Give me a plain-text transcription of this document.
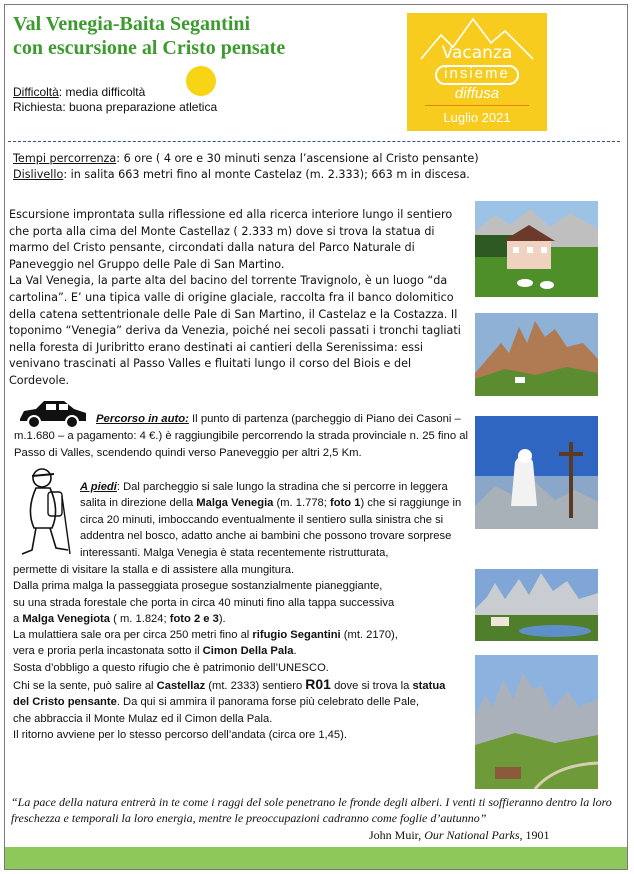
Val Venegia-Baita Segantini
con escursione al Cristo pensate
Difficoltà: media difficoltà
Richiesta: buona preparazione atletica
Vacanza
insieme
diffusa
Luglio 2021
Tempi percorrenza: 6 ore ( 4 ore e 30 minuti senza l’ascensione al Cristo pensante)
Dislivello: in salita 663 metri fino al monte Castelaz (m. 2.333); 663 m in discesa.

Escursione improntata sulla riflessione ed alla ricerca interiore lungo il sentiero che porta alla cima del Monte Castellaz ( 2.333 m) dove si trova la statua di marmo del Cristo pensante, circondati dalla natura del Parco Naturale di Paneveggio nel Gruppo delle Pale di San Martino.
La Val Venegia, la parte alta del bacino del torrente Travignolo, è un luogo “da cartolina”. E’ una tipica valle di origine glaciale, raccolta fra il banco dolomitico della catena settentrionale delle Pale di San Martino, il Castelaz e la Costazza. Il toponimo “Venegia” deriva da Venezia, poiché nei secoli passati i tronchi tagliati nella foresta di Juribritto erano destinati ai cantieri della Serenissima: essi venivano trascinati al Passo Valles e fluitati lungo il corso del Biois e del Cordevole.

Percorso in auto: Il punto di partenza (parcheggio di Piano dei Casoni – m.1.680 – a pagamento: 4 €.) è raggiungibile percorrendo la strada provinciale n. 25 fino al Passo di Valles, scendendo quindi verso Paneveggio per altri 2,5 Km.

A piedi: Dal parcheggio si sale lungo la stradina che si percorre in leggera salita in direzione della Malga Venegia (m. 1.778; foto 1) che si raggiunge in circa 20 minuti, imboccando eventualmente il sentiero sulla sinistra che si addentra nel bosco, adatto anche ai bambini che possono trovare sorprese interessanti. Malga Venegia è stata recentemente ristrutturata,

permette di visitare la stalla e di assistere alla mungitura.
Dalla prima malga la passeggiata prosegue sostanzialmente pianeggiante,
su una strada forestale che porta in circa 40 minuti fino alla tappa successiva
a Malga Venegiota ( m. 1.824; foto 2 e 3).
La mulattiera sale ora per circa 250 metri fino al rifugio Segantini (mt. 2170),
vera e proria perla incastonata sotto il Cimon Della Pala.
Sosta d’obbligo a questo rifugio che è patrimonio dell’UNESCO.
Chi se la sente, può salire al Castellaz (mt. 2333) sentiero R01 dove si trova la statua
del Cristo pensante. Da qui si ammira il panorama forse più celebrato delle Pale,
che abbraccia il Monte Mulaz ed il Cimon della Pala.
Il ritorno avviene per lo stesso percorso dell’andata (circa ore 1,45).

“La pace della natura entrerà in te come i raggi del sole penetrano le fronde degli alberi. I venti ti soffieranno dentro la loro freschezza e temporali la loro energia, mentre le preoccupazioni cadranno come foglie d’autunno”

John Muir, Our National Parks, 1901
